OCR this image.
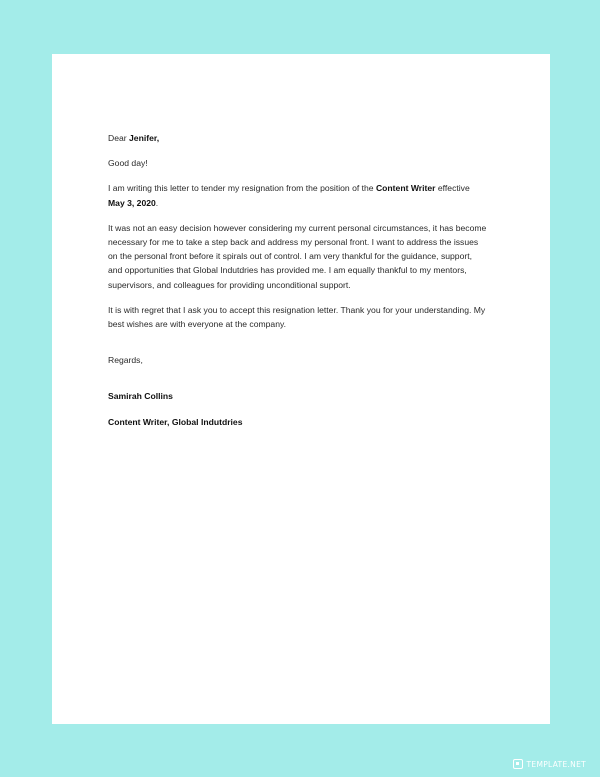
Dear Jenifer,

Good day!

I am writing this letter to tender my resignation from the position of the Content Writer effective May 3, 2020.

It was not an easy decision however considering my current personal circumstances, it has become necessary for me to take a step back and address my personal front. I want to address the issues on the personal front before it spirals out of control. I am very thankful for the guidance, support, and opportunities that Global Indutdries has provided me. I am equally thankful to my mentors, supervisors, and colleagues for providing unconditional support.

It is with regret that I ask you to accept this resignation letter. Thank you for your understanding. My best wishes are with everyone at the company.

Regards,

Samirah Collins

Content Writer, Global Indutdries

TEMPLATE.NET
